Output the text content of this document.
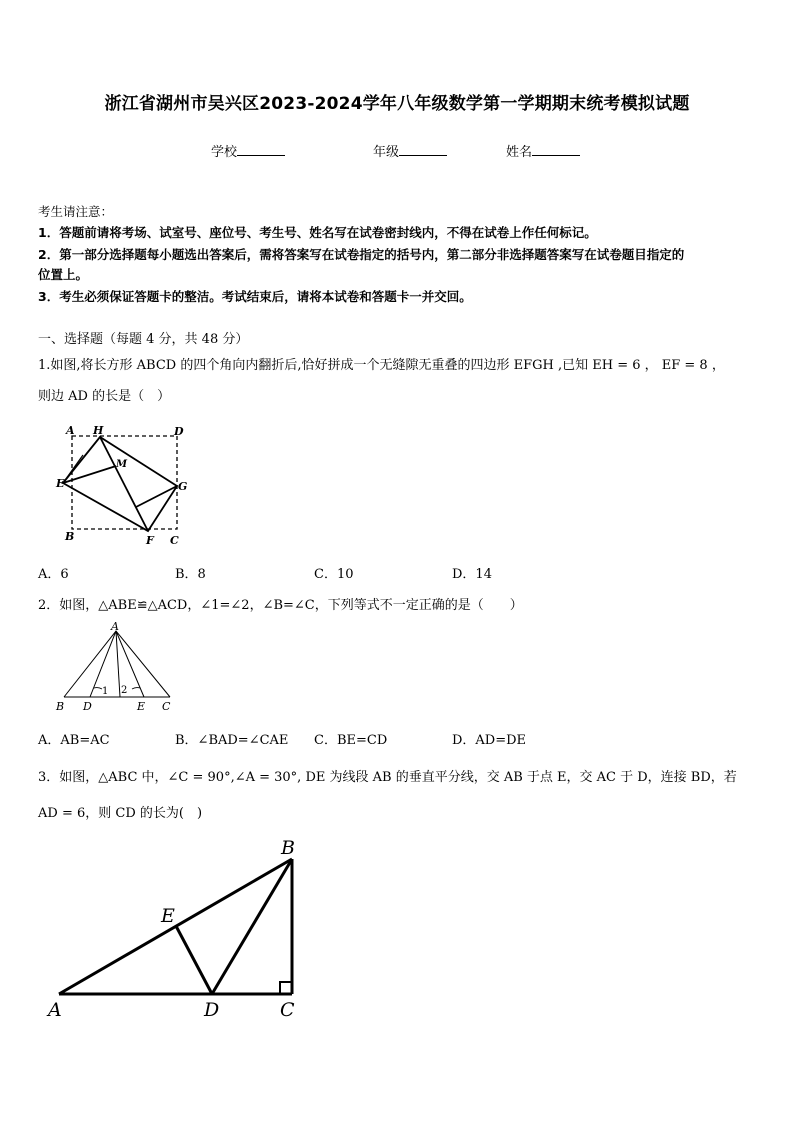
浙江省湖州市吴兴区2023-2024学年八年级数学第一学期期末统考模拟试题
学校	年级	姓名
考生请注意：
1．答题前请将考场、试室号、座位号、考生号、姓名写在试卷密封线内，不得在试卷上作任何标记。
2．第一部分选择题每小题选出答案后，需将答案写在试卷指定的括号内，第二部分非选择题答案写在试卷题目指定的
位置上。
3．考生必须保证答题卡的整洁。考试结束后，请将本试卷和答题卡一并交回。
一、选择题（每题 4 分，共 48 分）
1.如图,将长方形 ABCD 的四个角向内翻折后,恰好拼成一个无缝隙无重叠的四边形 EFGH ,已知 EH = 6 ， EF = 8 ，
则边 AD 的长是（　）
A H	D
M
E	G
B	F C
A．6	B．8	C．10	D．14
2．如图，△ABE≌△ACD，∠1=∠2，∠B=∠C，下列等式不一定正确的是（　　）
A
B D	E C
1 2
A．AB=AC	B．∠BAD=∠CAE C．BE=CD	D．AD=DE
3．如图，△ABC 中，∠C = 90°,∠A = 30°, DE 为线段 AB 的垂直平分线，交 AB 于点 E，交 AC 于 D，连接 BD，若
AD = 6，则 CD 的长为(　)
A
B
C
D
E
